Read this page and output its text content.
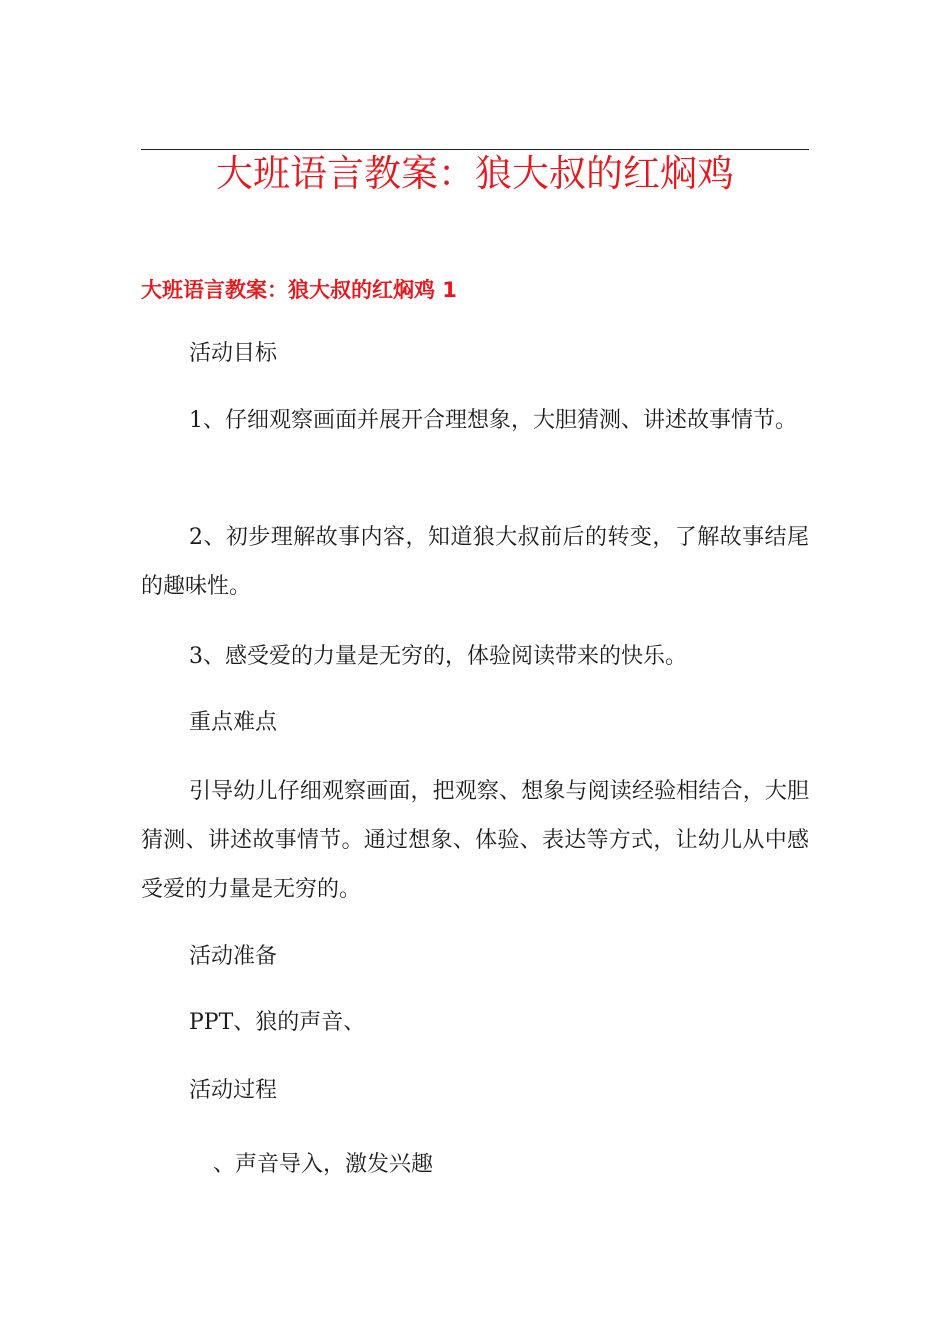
大班语言教案：狼大叔的红焖鸡
大班语言教案：狼大叔的红焖鸡 1
活动目标
1、仔细观察画面并展开合理想象，大胆猜测、讲述故事情节。
2、初步理解故事内容，知道狼大叔前后的转变，了解故事结尾的趣味性。
3、感受爱的力量是无穷的，体验阅读带来的快乐。
重点难点
引导幼儿仔细观察画面，把观察、想象与阅读经验相结合，大胆猜测、讲述故事情节。通过想象、体验、表达等方式，让幼儿从中感受爱的力量是无穷的。
活动准备
PPT、狼的声音、
活动过程
、声音导入，激发兴趣
